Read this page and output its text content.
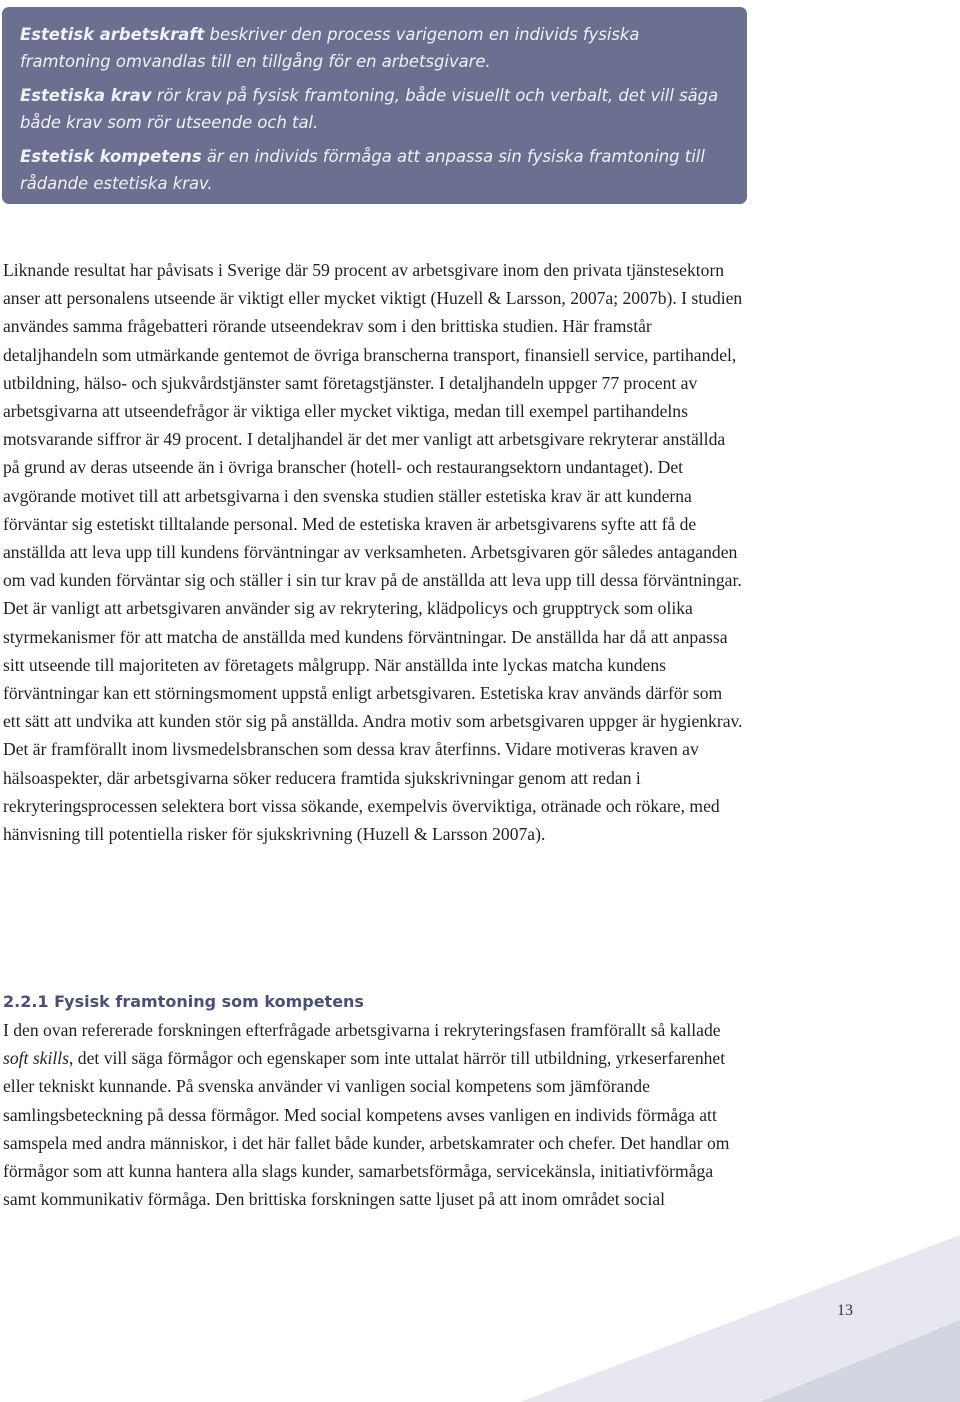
Estetisk arbetskraft beskriver den process varigenom en individs fysiska framtoning omvandlas till en tillgång för en arbetsgivare.

Estetiska krav rör krav på fysisk framtoning, både visuellt och verbalt, det vill säga både krav som rör utseende och tal.

Estetisk kompetens är en individs förmåga att anpassa sin fysiska framtoning till rådande estetiska krav.

Liknande resultat har påvisats i Sverige där 59 procent av arbetsgivare inom den privata tjänstesektorn anser att personalens utseende är viktigt eller mycket viktigt (Huzell & Larsson, 2007a; 2007b). I studien användes samma frågebatteri rörande utseendekrav som i den brittiska studien. Här framstår detaljhandeln som utmärkande gentemot de övriga branscherna transport, finansiell service, partihandel, utbildning, hälso- och sjukvårdstjänster samt företagstjänster. I detaljhandeln uppger 77 procent av arbetsgivarna att utseendefrågor är viktiga eller mycket viktiga, medan till exempel partihandelns motsvarande siffror är 49 procent. I detaljhandel är det mer vanligt att arbetsgivare rekryterar anställda på grund av deras utseende än i övriga branscher (hotell- och restaurangsektorn undantaget). Det avgörande motivet till att arbetsgivarna i den svenska studien ställer estetiska krav är att kunderna förväntar sig estetiskt tilltalande personal. Med de estetiska kraven är arbetsgivarens syfte att få de anställda att leva upp till kundens förväntningar av verksamheten. Arbetsgivaren gör således antaganden om vad kunden förväntar sig och ställer i sin tur krav på de anställda att leva upp till dessa förväntningar. Det är vanligt att arbetsgivaren använder sig av rekrytering, klädpolicys och grupptryck som olika styrmekanismer för att matcha de anställda med kundens förväntningar. De anställda har då att anpassa sitt utseende till majoriteten av företagets målgrupp. När anställda inte lyckas matcha kundens förväntningar kan ett störningsmoment uppstå enligt arbetsgivaren. Estetiska krav används därför som ett sätt att undvika att kunden stör sig på anställda. Andra motiv som arbetsgivaren uppger är hygienkrav. Det är framförallt inom livsmedelsbranschen som dessa krav återfinns. Vidare motiveras kraven av hälsoaspekter, där arbetsgivarna söker reducera framtida sjukskrivningar genom att redan i rekryteringsprocessen selektera bort vissa sökande, exempelvis överviktiga, otränade och rökare, med hänvisning till potentiella risker för sjukskrivning (Huzell & Larsson 2007a).

2.2.1 Fysisk framtoning som kompetens

I den ovan refererade forskningen efterfrågade arbetsgivarna i rekryteringsfasen framförallt så kallade soft skills, det vill säga förmågor och egenskaper som inte uttalat härrör till utbildning, yrkeserfarenhet eller tekniskt kunnande. På svenska använder vi vanligen social kompetens som jämförande samlingsbeteckning på dessa förmågor. Med social kompetens avses vanligen en individs förmåga att samspela med andra människor, i det här fallet både kunder, arbetskamrater och chefer. Det handlar om förmågor som att kunna hantera alla slags kunder, samarbetsförmåga, servicekänsla, initiativförmåga samt kommunikativ förmåga. Den brittiska forskningen satte ljuset på att inom området social

13
